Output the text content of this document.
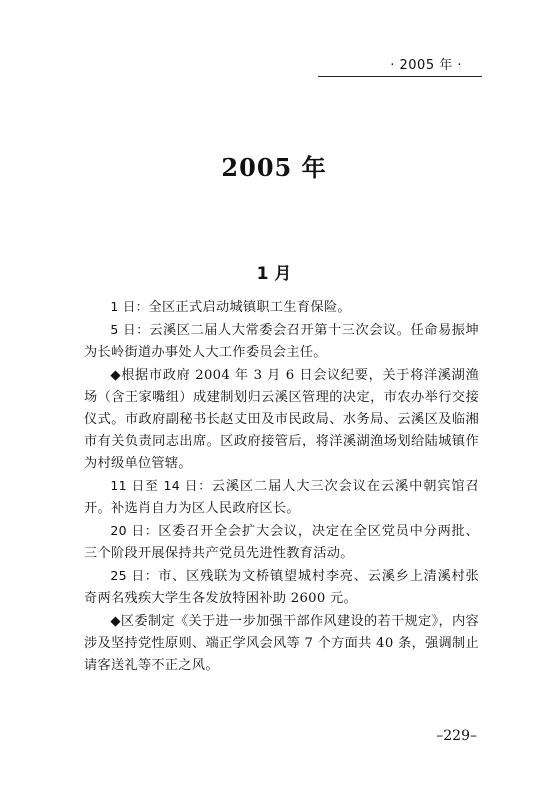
· 2005 年 ·
2005 年
1 月

1 日：全区正式启动城镇职工生育保险。

5 日：云溪区二届人大常委会召开第十三次会议。任命易振坤为长岭街道办事处人大工作委员会主任。

◆根据市政府 2004 年 3 月 6 日会议纪要，关于将洋溪湖渔场（含王家嘴组）成建制划归云溪区管理的决定，市农办举行交接仪式。市政府副秘书长赵丈田及市民政局、水务局、云溪区及临湘市有关负责同志出席。区政府接管后，将洋溪湖渔场划给陆城镇作为村级单位管辖。

11 日至 14 日：云溪区二届人大三次会议在云溪中朝宾馆召开。补选肖自力为区人民政府区长。

20 日：区委召开全会扩大会议，决定在全区党员中分两批、三个阶段开展保持共产党员先进性教育活动。

25 日：市、区残联为文桥镇望城村李亮、云溪乡上清溪村张奇两名残疾大学生各发放特困补助 2600 元。

◆区委制定《关于进一步加强干部作风建设的若干规定》，内容涉及坚持党性原则、端正学风会风等 7 个方面共 40 条，强调制止请客送礼等不正之风。

–229–
